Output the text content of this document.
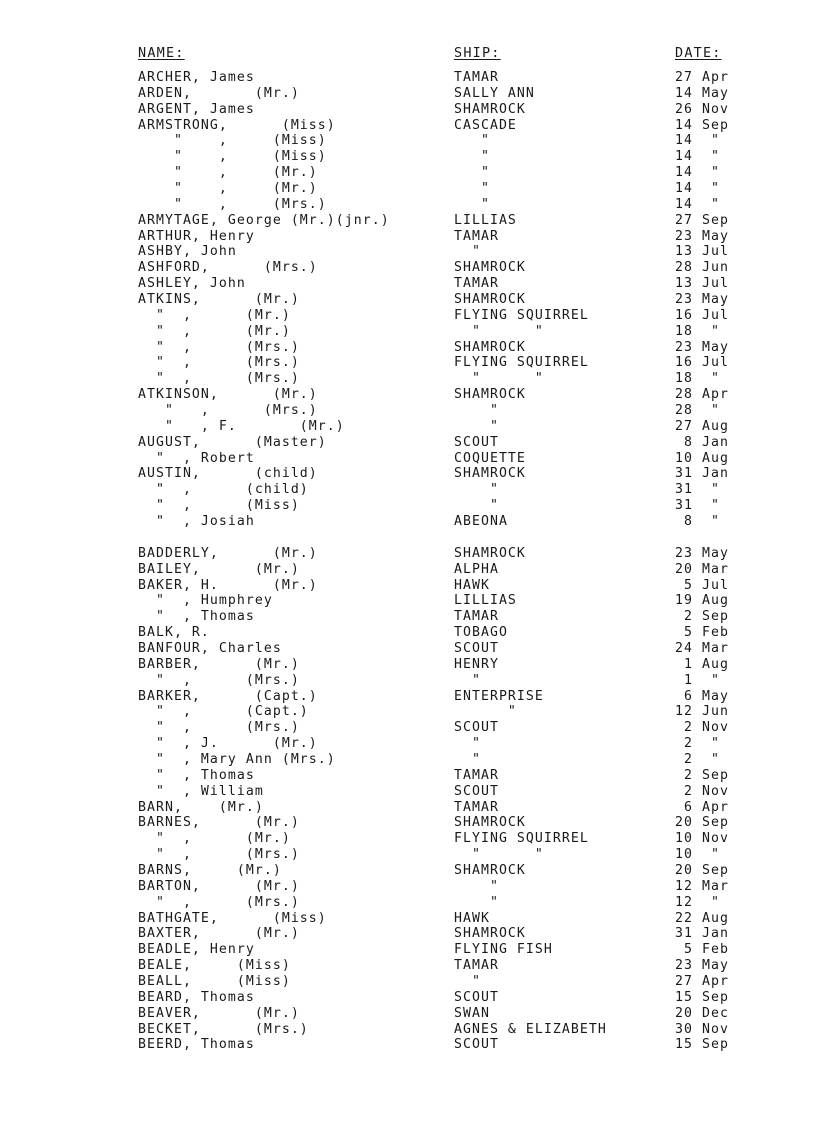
NAME:	SHIP:	DATE:
ARCHER, James	TAMAR	27 Apr
ARDEN,       (Mr.)	SALLY ANN	14 May
ARGENT, James	SHAMROCK	26 Nov
ARMSTRONG,      (Miss)	CASCADE	14 Sep
"    ,     (Miss)	"	14  "
"    ,     (Miss)	"	14  "
"    ,     (Mr.)	"	14  "
"    ,     (Mr.)	"	14  "
"    ,     (Mrs.)	"	14  "
ARMYTAGE, George (Mr.)(jnr.)	LILLIAS	27 Sep
ARTHUR, Henry	TAMAR	23 May
ASHBY, John	"	13 Jul
ASHFORD,      (Mrs.)	SHAMROCK	28 Jun
ASHLEY, John	TAMAR	13 Jul
ATKINS,      (Mr.)	SHAMROCK	23 May
"  ,      (Mr.)	FLYING SQUIRREL	16 Jul
"  ,      (Mr.)	"      "	18  "
"  ,      (Mrs.)	SHAMROCK	23 May
"  ,      (Mrs.)	FLYING SQUIRREL	16 Jul
"  ,      (Mrs.)	"      "	18  "
ATKINSON,      (Mr.)	SHAMROCK	28 Apr
"   ,      (Mrs.)	"	28  "
"   , F.       (Mr.)	"	27 Aug
AUGUST,      (Master)	SCOUT	8 Jan
"  , Robert	COQUETTE	10 Aug
AUSTIN,      (child)	SHAMROCK	31 Jan
"  ,      (child)	"	31  "
"  ,      (Miss)	"	31  "
"  , Josiah	ABEONA	8  "
BADDERLY,      (Mr.)	SHAMROCK	23 May
BAILEY,      (Mr.)	ALPHA	20 Mar
BAKER, H.      (Mr.)	HAWK	5 Jul
"  , Humphrey	LILLIAS	19 Aug
"  , Thomas	TAMAR	2 Sep
BALK, R.	TOBAGO	5 Feb
BANFOUR, Charles	SCOUT	24 Mar
BARBER,      (Mr.)	HENRY	1 Aug
"  ,      (Mrs.)	"	1  "
BARKER,      (Capt.)	ENTERPRISE	6 May
"  ,      (Capt.)	"	12 Jun
"  ,      (Mrs.)	SCOUT	2 Nov
"  , J.      (Mr.)	"	2  "
"  , Mary Ann (Mrs.)	"	2  "
"  , Thomas	TAMAR	2 Sep
"  , William	SCOUT	2 Nov
BARN,    (Mr.)	TAMAR	6 Apr
BARNES,      (Mr.)	SHAMROCK	20 Sep
"  ,      (Mr.)	FLYING SQUIRREL	10 Nov
"  ,      (Mrs.)	"      "	10  "
BARNS,     (Mr.)	SHAMROCK	20 Sep
BARTON,      (Mr.)	"	12 Mar
"  ,      (Mrs.)	"	12  "
BATHGATE,      (Miss)	HAWK	22 Aug
BAXTER,      (Mr.)	SHAMROCK	31 Jan
BEADLE, Henry	FLYING FISH	5 Feb
BEALE,     (Miss)	TAMAR	23 May
BEALL,     (Miss)	"	27 Apr
BEARD, Thomas	SCOUT	15 Sep
BEAVER,      (Mr.)	SWAN	20 Dec
BECKET,      (Mrs.)	AGNES & ELIZABETH	30 Nov
BEERD, Thomas	SCOUT	15 Sep
